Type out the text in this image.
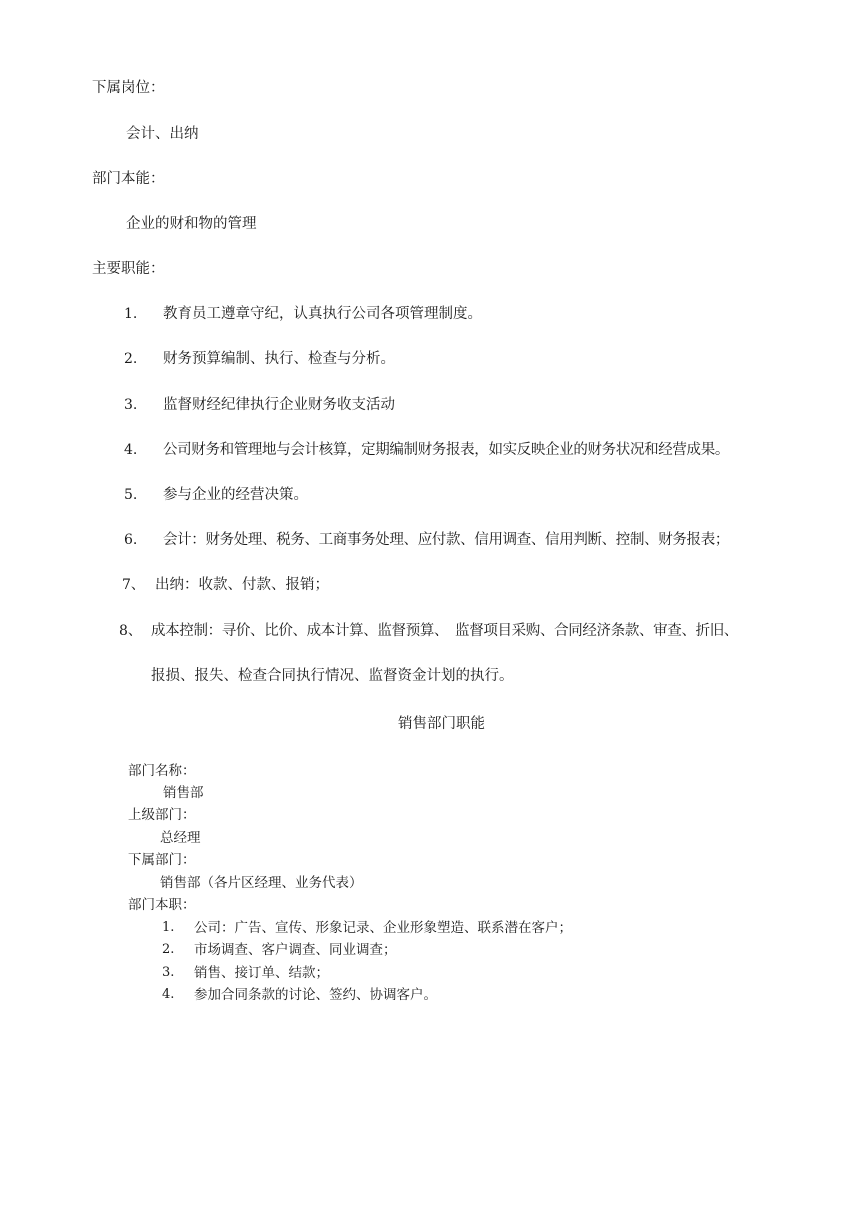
下属岗位：
会计、出纳
部门本能：
企业的财和物的管理
主要职能：
1. 教育员工遵章守纪，认真执行公司各项管理制度。
2. 财务预算编制、执行、检查与分析。
3. 监督财经纪律执行企业财务收支活动
4. 公司财务和管理地与会计核算，定期编制财务报表，如实反映企业的财务状况和经营成果。
5. 参与企业的经营决策。
6. 会计：财务处理、税务、工商事务处理、应付款、信用调查、信用判断、控制、财务报表；
7、 出纳：收款、付款、报销；
8、 成本控制：寻价、比价、成本计算、监督预算、　监督项目采购、合同经济条款、审查、折旧、
报损、报失、检查合同执行情况、监督资金计划的执行。
销售部门职能
部门名称：
销售部
上级部门：
总经理
下属部门：
销售部（各片区经理、业务代表）
部门本职：
1. 公司：广告、宣传、形象记录、企业形象塑造、联系潜在客户；
2. 市场调查、客户调查、同业调查；
3. 销售、接订单、结款；
4. 参加合同条款的讨论、签约、协调客户。
